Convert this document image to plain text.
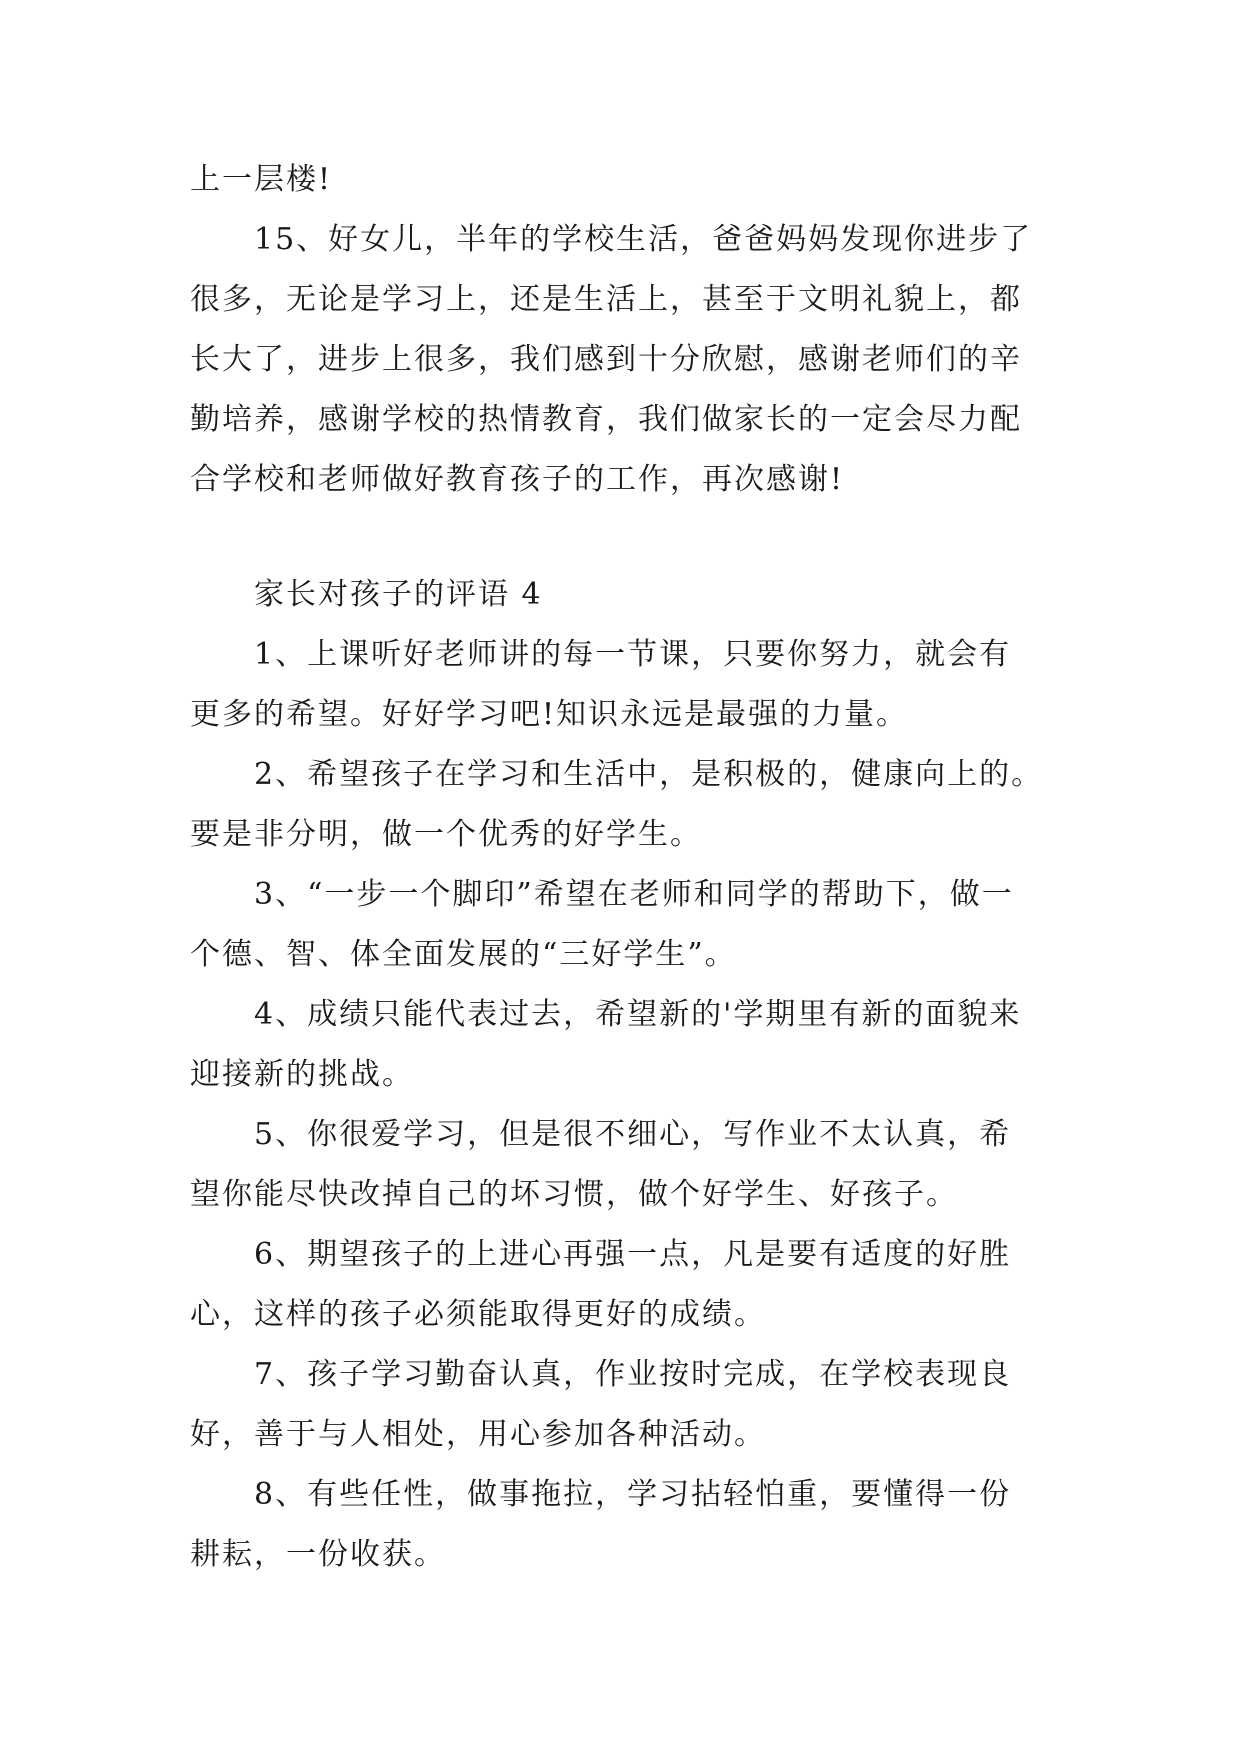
上一层楼!
15、好女儿，半年的学校生活，爸爸妈妈发现你进步了
很多，无论是学习上，还是生活上，甚至于文明礼貌上，都
长大了，进步上很多，我们感到十分欣慰，感谢老师们的辛
勤培养，感谢学校的热情教育，我们做家长的一定会尽力配
合学校和老师做好教育孩子的工作，再次感谢!
家长对孩子的评语 4
1、上课听好老师讲的每一节课，只要你努力，就会有
更多的希望。好好学习吧!知识永远是最强的力量。
2、希望孩子在学习和生活中，是积极的，健康向上的。
要是非分明，做一个优秀的好学生。
3、“一步一个脚印”希望在老师和同学的帮助下，做一
个德、智、体全面发展的“三好学生”。
4、成绩只能代表过去，希望新的'学期里有新的面貌来
迎接新的挑战。
5、你很爱学习，但是很不细心，写作业不太认真，希
望你能尽快改掉自己的坏习惯，做个好学生、好孩子。
6、期望孩子的上进心再强一点，凡是要有适度的好胜
心，这样的孩子必须能取得更好的成绩。
7、孩子学习勤奋认真，作业按时完成，在学校表现良
好，善于与人相处，用心参加各种活动。
8、有些任性，做事拖拉，学习拈轻怕重，要懂得一份
耕耘，一份收获。
